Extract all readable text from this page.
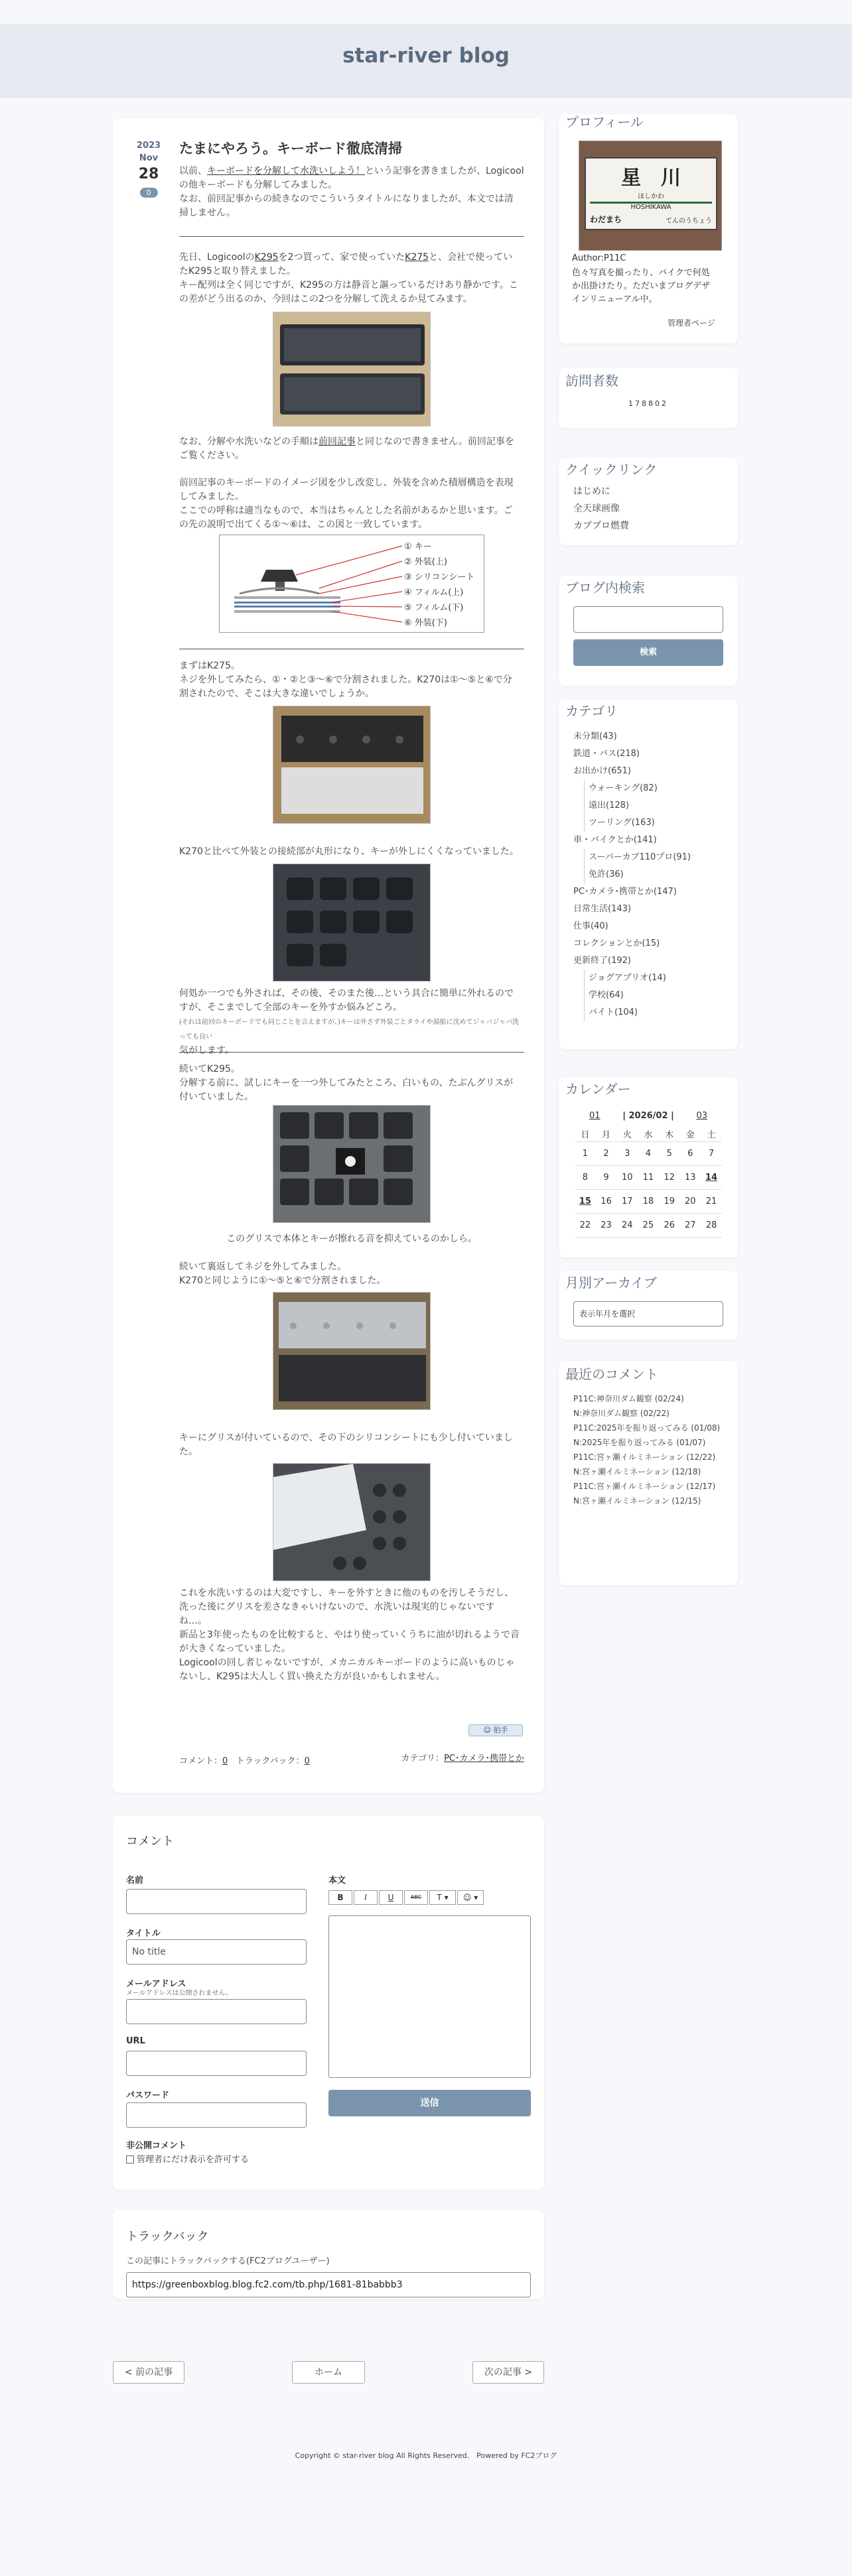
star-river blog
2023
Nov
28
0
たまにやろう。キーボード徹底清掃
以前、キーボードを分解して水洗いしよう！という記事を書きましたが、Logicool
の他キーボードも分解してみました。
なお、前回記事からの続きなのでこういうタイトルになりましたが、本文では清
掃しません。
先日、LogicoolのK295を2つ買って、家で使っていたK275と、会社で使ってい
たK295と取り替えました。
キー配列は全く同じですが、K295の方は静音と謳っているだけあり静かです。こ
の差がどう出るのか、今回はこの2つを分解して洗えるか見てみます。
なお、分解や水洗いなどの手順は前回記事と同じなので書きません。前回記事を
ご覧ください。
前回記事のキーボードのイメージ図を少し改変し、外装を含めた積層構造を表現
してみました。
ここでの呼称は適当なもので、本当はちゃんとした名前があるかと思います。ご
の先の説明で出てくる①〜⑥は、この図と一致しています。
① キー
② 外装(上)
③ シリコンシート
④ フィルム(上)
⑤ フィルム(下)
⑥ 外装(下)
まずはK275。
ネジを外してみたら、①・②と③〜⑥で分割されました。K270は①〜⑤と⑥で分
割されたので、そこは大きな違いでしょうか。
K270と比べて外装との接続部が丸形になり、キーが外しにくくなっていました。
何処か一つでも外されば、その後、そのまた後…という具合に簡単に外れるので
すが、そこまでして全部のキーを外すか悩みどころ。
(それは前回のキーボードでも同じことを言えますが、)キーは外さず外装ごとタライや湯船に沈めてジャバジャバ洗っても良い
気がします。
続いてK295。
分解する前に、試しにキーを一つ外してみたところ、白いもの、たぶんグリスが
付いていました。
このグリスで本体とキーが擦れる音を抑えているのかしら。
続いて裏返してネジを外してみました。
K270と同じように①〜⑤と⑥で分割されました。
キーにグリスが付いているので、その下のシリコンシートにも少し付いていまし
た。
これを水洗いするのは大変ですし、キーを外すときに他のものを汚しそうだし、
洗った後にグリスを差さなきゃいけないので、水洗いは現実的じゃないです
ね…。
新品と3年使ったものを比較すると、やはり使っていくうちに油が切れるようで音
が大きくなっていました。
Logicoolの回し者じゃないですが、メカニカルキーボードのように高いものじゃ
ないし、K295は大人しく買い換えた方が良いかもしれません。
☺ 拍手
コメント：0 トラックバック：0	カテゴリ：PC･カメラ･携帯とか
コメント
名前
タイトル
No title
メールアドレス
メールアドレスは公開されません。
URL
パスワード
非公開コメント
管理者にだけ表示を許可する
本文
B	I	U	ABC	T ▾	☺ ▾
送信
トラックバック
この記事にトラックバックする(FC2ブログユーザー)
https://greenboxblog.blog.fc2.com/tb.php/1681-81babbb3
< 前の記事	ホーム	次の記事 >
Copyright © star-river blog All Rights Reserved.　Powered by FC2ブログ
プロフィール
星　川
ほしかわ
HOSHIKAWA
わだまち	てんのうちょう
Author:P11C
色々写真を撮ったり、バイクで何処
か出掛けたり。ただいまブログデザ
インリニューアル中。
管理者ページ
訪問者数
178802
クイックリンク
はじめに
全天球画像
カブプロ燃費
ブログ内検索
検索
カテゴリ
未分類(43)
鉄道・バス(218)
お出かけ(651)
ウォーキング(82)
遠出(128)
ツーリング(163)
車・バイクとか(141)
スーパーカブ110プロ(91)
免許(36)
PC･カメラ･携帯とか(147)
日常生活(143)
仕事(40)
コレクションとか(15)
更新終了(192)
ジョグアプリオ(14)
学校(64)
バイト(104)
カレンダー
01	| 2026/02 |	03
日	月	火	水	木	金	土
1	2	3	4	5	6	7
8	9	10	11	12	13	14
15	16	17	18	19	20	21
22	23	24	25	26	27	28
月別アーカイブ
表示年月を選択
最近のコメント
P11C:神奈川ダム観察 (02/24)
N:神奈川ダム観察 (02/22)
P11C:2025年を振り返ってみる (01/08)
N:2025年を振り返ってみる (01/07)
P11C:宮ヶ瀬イルミネーション (12/22)
N:宮ヶ瀬イルミネーション (12/18)
P11C:宮ヶ瀬イルミネーション (12/17)
N:宮ヶ瀬イルミネーション (12/15)
